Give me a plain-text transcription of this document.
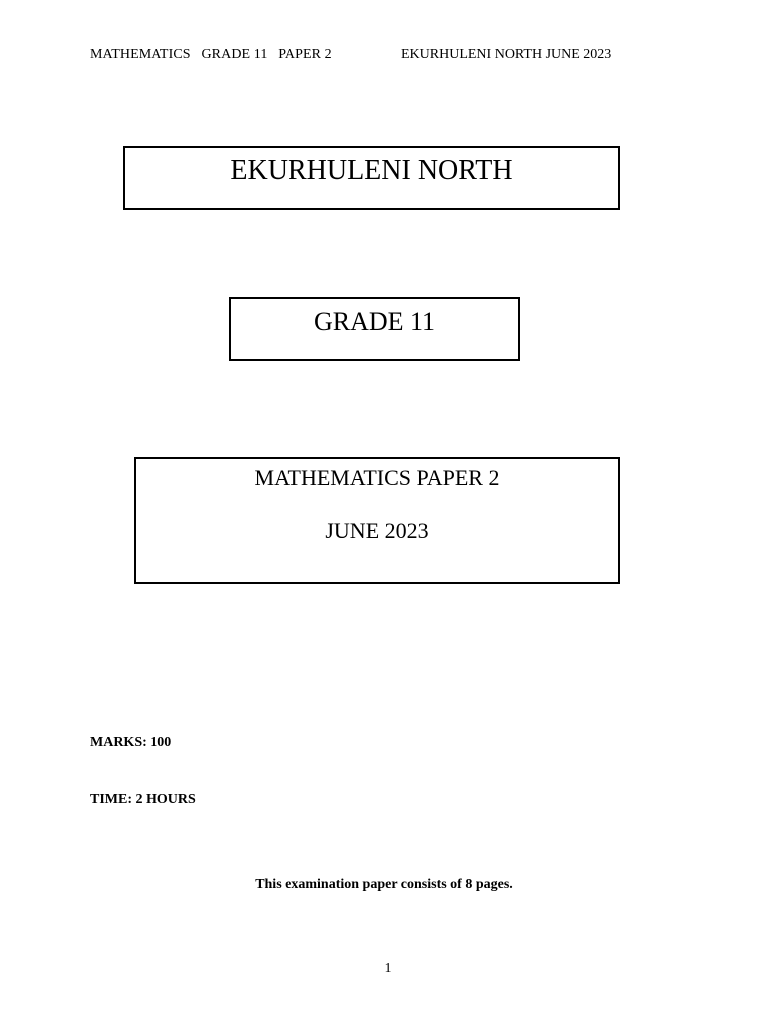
MATHEMATICS   GRADE 11   PAPER 2	EKURHULENI NORTH JUNE 2023
EKURHULENI NORTH
GRADE 11
MATHEMATICS PAPER 2
JUNE 2023
MARKS: 100
TIME: 2 HOURS
This examination paper consists of 8 pages.
1
